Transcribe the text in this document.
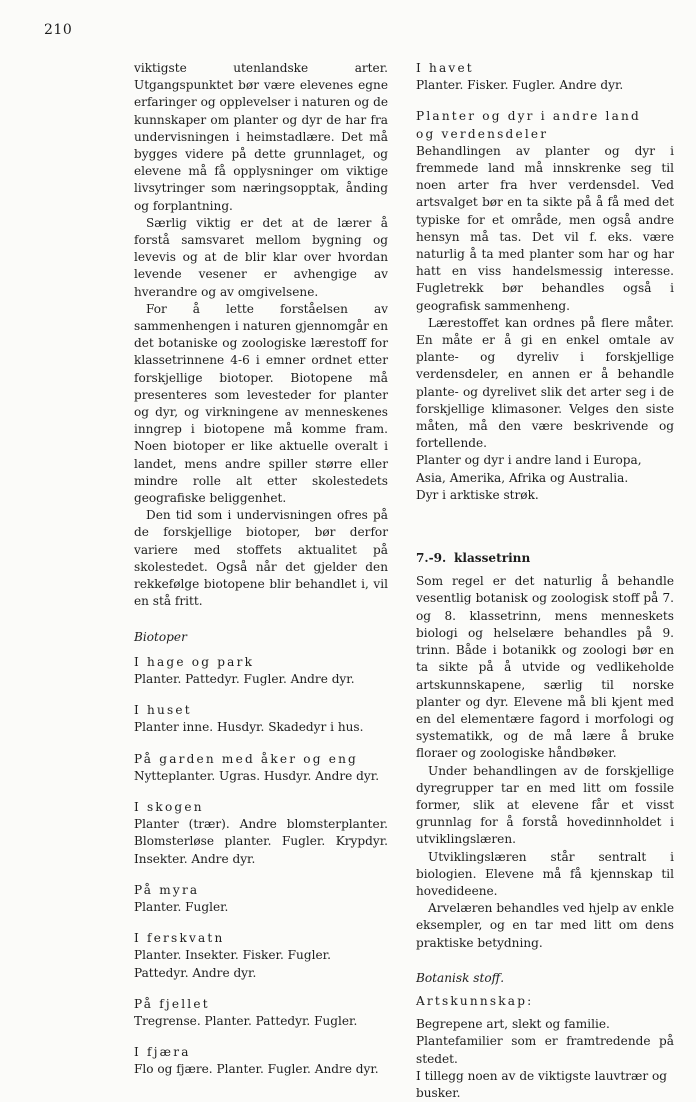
210

viktigste utenlandske arter. Utgangspunktet bør være elevenes egne erfaringer og opplevelser i naturen og de kunnskaper om planter og dyr de har fra undervisningen i heimstadlære. Det må bygges videre på dette grunnlaget, og elevene må få opplysninger om viktige livsytringer som næringsopptak, ånding og forplantning.

Særlig viktig er det at de lærer å forstå samsvaret mellom bygning og levevis og at de blir klar over hvordan levende vesener er avhengige av hverandre og av omgivelsene.

For å lette forståelsen av sammenhengen i naturen gjennomgår en det botaniske og zoologiske lærestoff for klassetrinnene 4-6 i emner ordnet etter forskjellige biotoper. Biotopene må presenteres som levesteder for planter og dyr, og virkningene av menneskenes inngrep i biotopene må komme fram. Noen biotoper er like aktuelle overalt i landet, mens andre spiller større eller mindre rolle alt etter skolestedets geografiske beliggenhet.

Den tid som i undervisningen ofres på de forskjellige biotoper, bør derfor variere med stoffets aktualitet på skolestedet. Også når det gjelder den rekkefølge biotopene blir behandlet i, vil en stå fritt.

Biotoper

I hage og park

Planter. Pattedyr. Fugler. Andre dyr.

I huset

Planter inne. Husdyr. Skadedyr i hus.

På garden med åker og eng

Nytteplanter. Ugras. Husdyr. Andre dyr.

I skogen

Planter (trær). Andre blomsterplanter. Blomsterløse planter. Fugler. Krypdyr. Insekter. Andre dyr.

På myra

Planter. Fugler.

I ferskvatn

Planter. Insekter. Fisker. Fugler. Pattedyr. Andre dyr.

På fjellet

Tregrense. Planter. Pattedyr. Fugler.

I fjæra

Flo og fjære. Planter. Fugler. Andre dyr.

I havet

Planter. Fisker. Fugler. Andre dyr.

Planter og dyr i andre land

og verdensdeler

Behandlingen av planter og dyr i fremmede land må innskrenke seg til noen arter fra hver verdensdel. Ved artsvalget bør en ta sikte på å få med det typiske for et område, men også andre hensyn må tas. Det vil f. eks. være naturlig å ta med planter som har og har hatt en viss handelsmessig interesse. Fugletrekk bør behandles også i geografisk sammenheng.

Lærestoffet kan ordnes på flere måter. En måte er å gi en enkel omtale av plante- og dyreliv i forskjellige verdensdeler, en annen er å behandle plante- og dyrelivet slik det arter seg i de forskjellige klimasoner. Velges den siste måten, må den være beskrivende og fortellende.

Planter og dyr i andre land i Europa, Asia, Amerika, Afrika og Australia.

Dyr i arktiske strøk.

7.-9. klassetrinn

Som regel er det naturlig å behandle vesentlig botanisk og zoologisk stoff på 7. og 8. klassetrinn, mens menneskets biologi og helselære behandles på 9. trinn. Både i botanikk og zoologi bør en ta sikte på å utvide og vedlikeholde artskunnskapene, særlig til norske planter og dyr. Elevene må bli kjent med en del elementære fagord i morfologi og systematikk, og de må lære å bruke floraer og zoologiske håndbøker.

Under behandlingen av de forskjellige dyregrupper tar en med litt om fossile former, slik at elevene får et visst grunnlag for å forstå hovedinnholdet i utviklingslæren.

Utviklingslæren står sentralt i biologien. Elevene må få kjennskap til hovedideene.

Arvelæren behandles ved hjelp av enkle eksempler, og en tar med litt om dens praktiske betydning.

Botanisk stoff.

Artskunnskap:

Begrepene art, slekt og familie.

Plantefamilier som er framtredende på stedet.

I tillegg noen av de viktigste lauvtrær og busker.
